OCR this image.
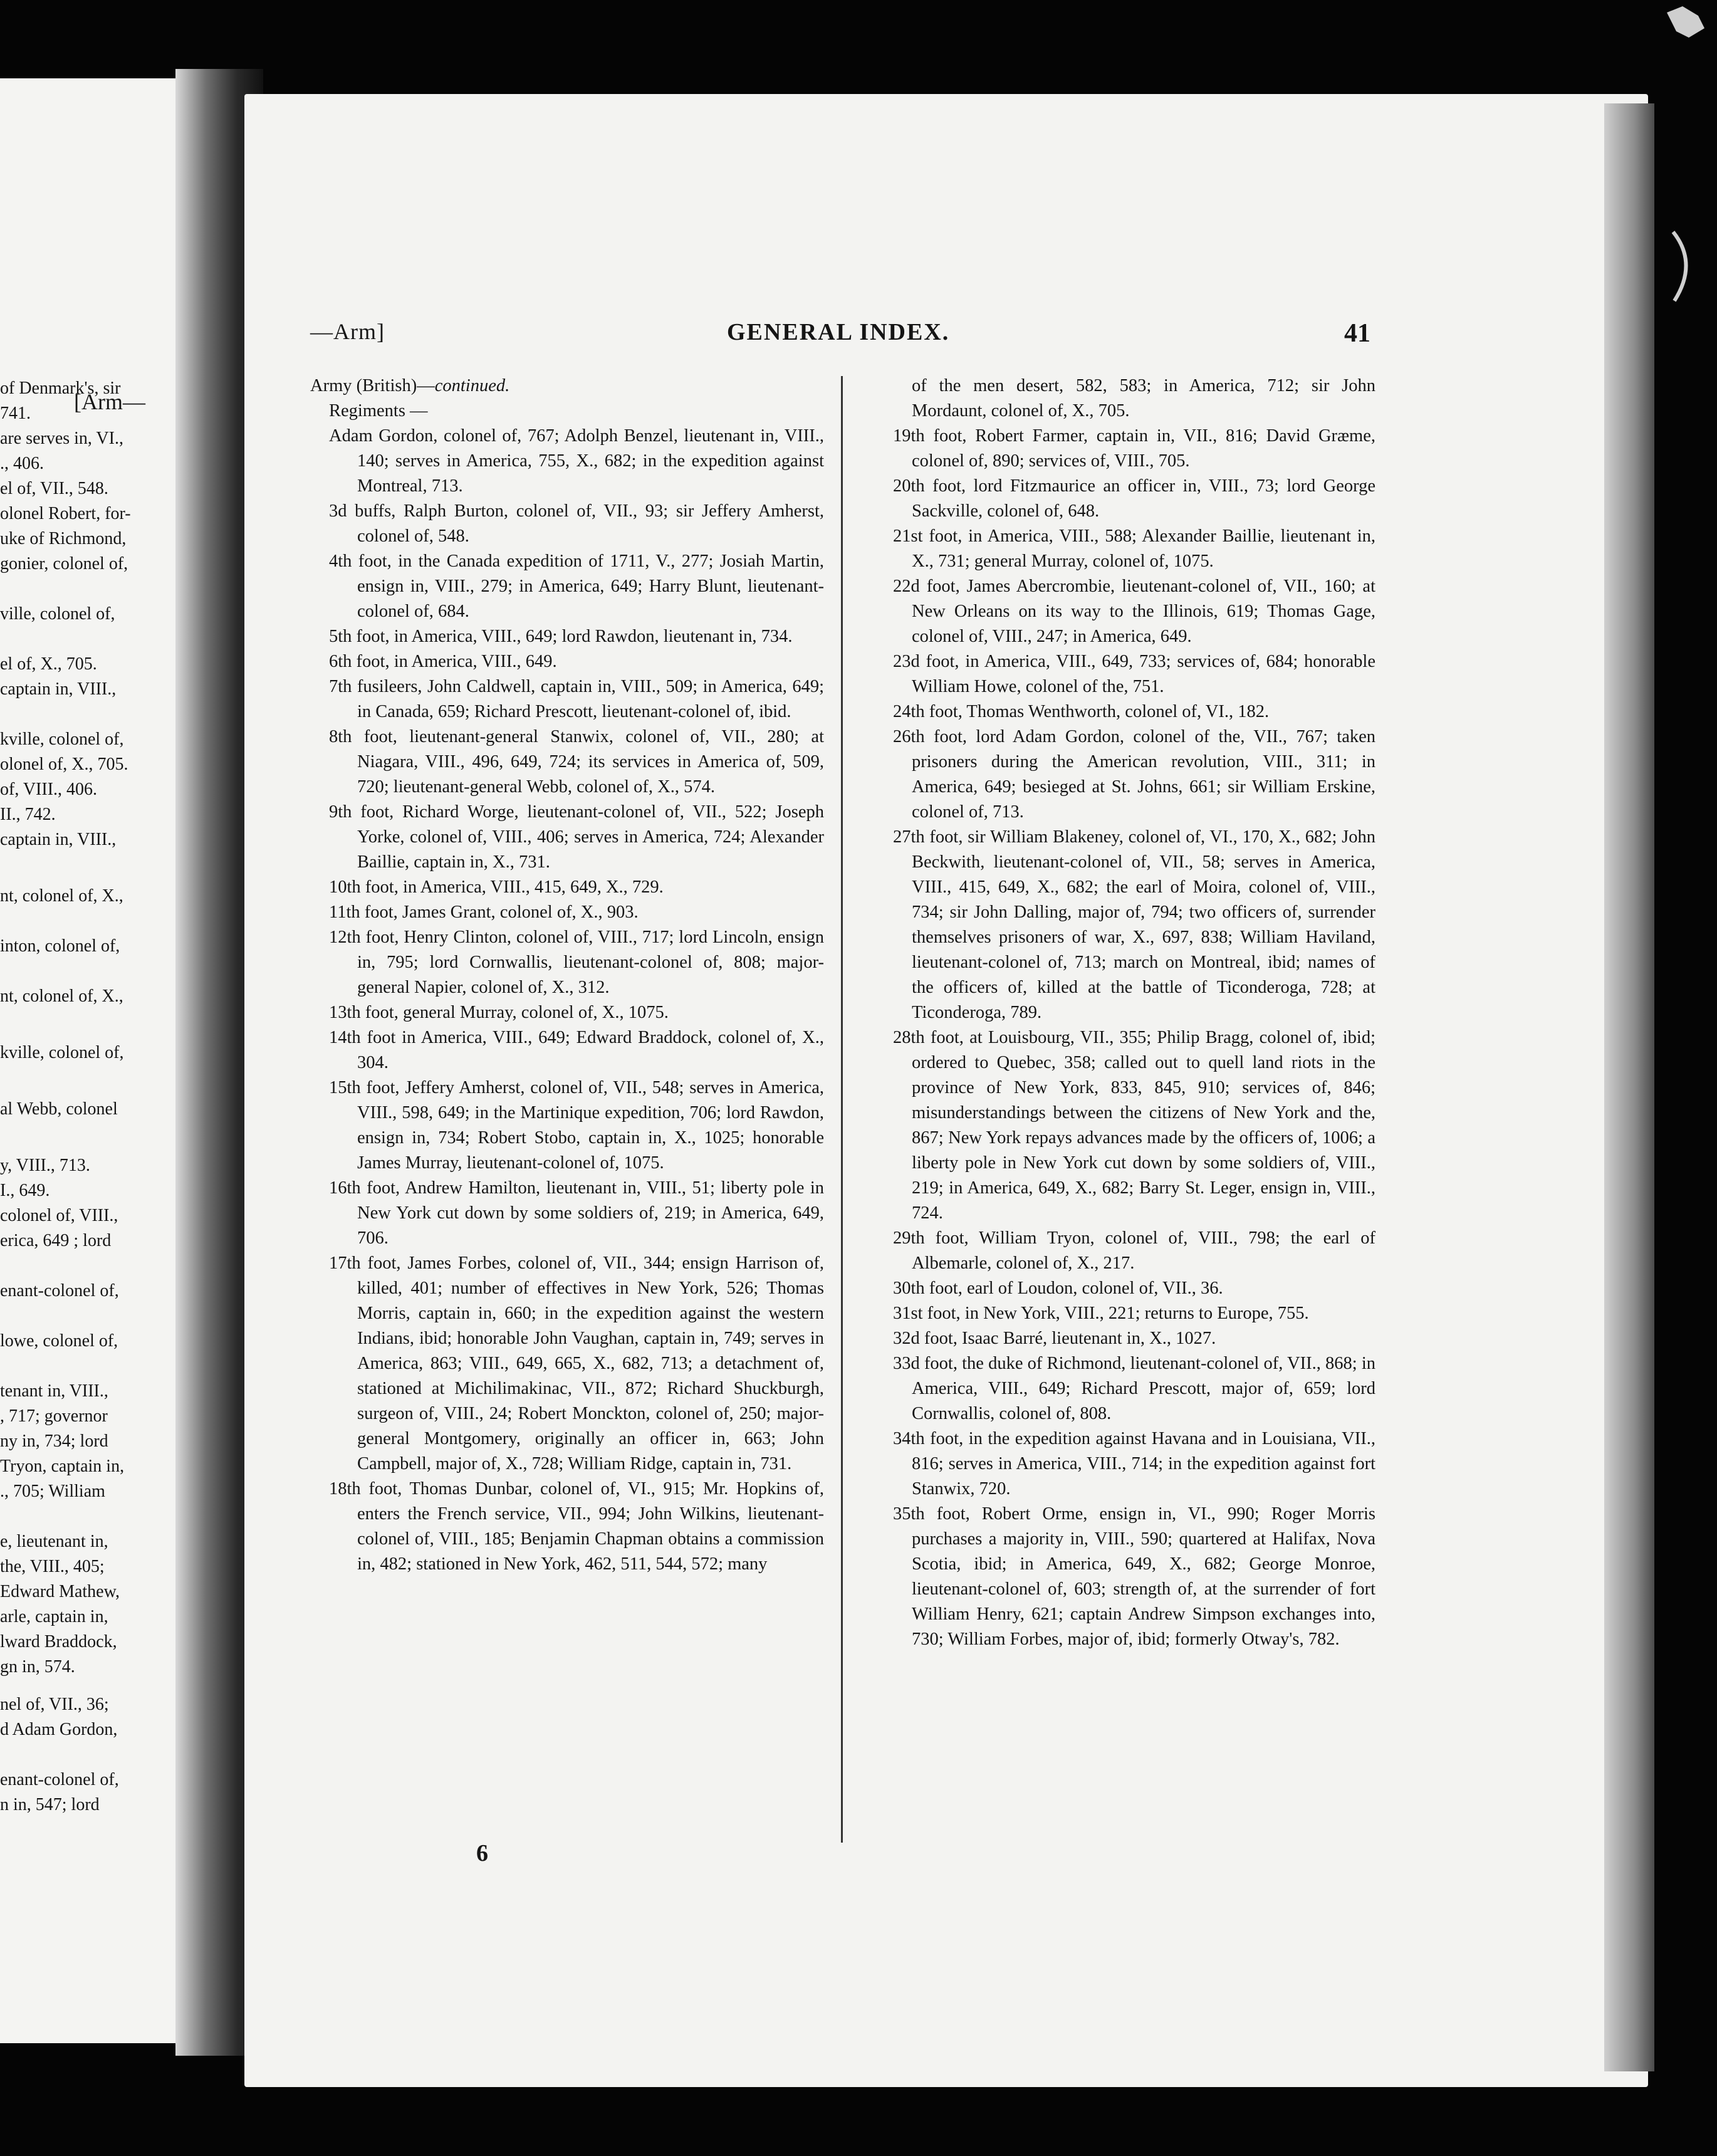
[Arm—
of Denmark's, sir
741.
are serves in, VI.,
., 406.
el of, VII., 548.
olonel Robert, for-
uke of Richmond,
gonier, colonel of,
ville, colonel of,
el of, X., 705.
captain in, VIII.,
kville, colonel of,
olonel of, X., 705.
of, VIII., 406.
II., 742.
captain in, VIII.,
nt, colonel of, X.,
inton, colonel of,
nt, colonel of, X.,
kville, colonel of,
al Webb, colonel
y, VIII., 713.
I., 649.
colonel of, VIII.,
erica, 649 ; lord
enant-colonel of,
lowe, colonel of,
tenant in, VIII.,
, 717; governor
ny in, 734; lord
Tryon, captain in,
., 705; William
e, lieutenant in,
the, VIII., 405;
Edward Mathew,
arle, captain in,
lward Braddock,
gn in, 574.
nel of, VII., 36;
d Adam Gordon,
enant-colonel of,
n in, 547; lord
—Arm]	GENERAL INDEX.	41
Army (British)—continued.
Regiments —
Adam Gordon, colonel of, 767; Adolph Benzel, lieutenant in, VIII., 140; serves in America, 755, X., 682; in the expedition against Montreal, 713.
3d buffs, Ralph Burton, colonel of, VII., 93; sir Jeffery Amherst, colonel of, 548.
4th foot, in the Canada expedition of 1711, V., 277; Josiah Martin, ensign in, VIII., 279; in America, 649; Harry Blunt, lieutenant-colonel of, 684.
5th foot, in America, VIII., 649; lord Rawdon, lieutenant in, 734.
6th foot, in America, VIII., 649.
7th fusileers, John Caldwell, captain in, VIII., 509; in America, 649; in Canada, 659; Richard Prescott, lieutenant-colonel of, ibid.
8th foot, lieutenant-general Stanwix, colonel of, VII., 280; at Niagara, VIII., 496, 649, 724; its services in America of, 509, 720; lieutenant-general Webb, colonel of, X., 574.
9th foot, Richard Worge, lieutenant-colonel of, VII., 522; Joseph Yorke, colonel of, VIII., 406; serves in America, 724; Alexander Baillie, captain in, X., 731.
10th foot, in America, VIII., 415, 649, X., 729.
11th foot, James Grant, colonel of, X., 903.
12th foot, Henry Clinton, colonel of, VIII., 717; lord Lincoln, ensign in, 795; lord Cornwallis, lieutenant-colonel of, 808; major-general Napier, colonel of, X., 312.
13th foot, general Murray, colonel of, X., 1075.
14th foot in America, VIII., 649; Edward Braddock, colonel of, X., 304.
15th foot, Jeffery Amherst, colonel of, VII., 548; serves in America, VIII., 598, 649; in the Martinique expedition, 706; lord Rawdon, ensign in, 734; Robert Stobo, captain in, X., 1025; honorable James Murray, lieutenant-colonel of, 1075.
16th foot, Andrew Hamilton, lieutenant in, VIII., 51; liberty pole in New York cut down by some soldiers of, 219; in America, 649, 706.
17th foot, James Forbes, colonel of, VII., 344; ensign Harrison of, killed, 401; number of effectives in New York, 526; Thomas Morris, captain in, 660; in the expedition against the western Indians, ibid; honorable John Vaughan, captain in, 749; serves in America, 863; VIII., 649, 665, X., 682, 713; a detachment of, stationed at Michilimakinac, VII., 872; Richard Shuckburgh, surgeon of, VIII., 24; Robert Monckton, colonel of, 250; major-general Montgomery, originally an officer in, 663; John Campbell, major of, X., 728; William Ridge, captain in, 731.
18th foot, Thomas Dunbar, colonel of, VI., 915; Mr. Hopkins of, enters the French service, VII., 994; John Wilkins, lieutenant-colonel of, VIII., 185; Benjamin Chapman obtains a commission in, 482; stationed in New York, 462, 511, 544, 572; many
of the men desert, 582, 583; in America, 712; sir John Mordaunt, colonel of, X., 705.
19th foot, Robert Farmer, captain in, VII., 816; David Græme, colonel of, 890; services of, VIII., 705.
20th foot, lord Fitzmaurice an officer in, VIII., 73; lord George Sackville, colonel of, 648.
21st foot, in America, VIII., 588; Alexander Baillie, lieutenant in, X., 731; general Murray, colonel of, 1075.
22d foot, James Abercrombie, lieutenant-colonel of, VII., 160; at New Orleans on its way to the Illinois, 619; Thomas Gage, colonel of, VIII., 247; in America, 649.
23d foot, in America, VIII., 649, 733; services of, 684; honorable William Howe, colonel of the, 751.
24th foot, Thomas Wenthworth, colonel of, VI., 182.
26th foot, lord Adam Gordon, colonel of the, VII., 767; taken prisoners during the American revolution, VIII., 311; in America, 649; besieged at St. Johns, 661; sir William Erskine, colonel of, 713.
27th foot, sir William Blakeney, colonel of, VI., 170, X., 682; John Beckwith, lieutenant-colonel of, VII., 58; serves in America, VIII., 415, 649, X., 682; the earl of Moira, colonel of, VIII., 734; sir John Dalling, major of, 794; two officers of, surrender themselves prisoners of war, X., 697, 838; William Haviland, lieutenant-colonel of, 713; march on Montreal, ibid; names of the officers of, killed at the battle of Ticonderoga, 728; at Ticonderoga, 789.
28th foot, at Louisbourg, VII., 355; Philip Bragg, colonel of, ibid; ordered to Quebec, 358; called out to quell land riots in the province of New York, 833, 845, 910; services of, 846; misunderstandings between the citizens of New York and the, 867; New York repays advances made by the officers of, 1006; a liberty pole in New York cut down by some soldiers of, VIII., 219; in America, 649, X., 682; Barry St. Leger, ensign in, VIII., 724.
29th foot, William Tryon, colonel of, VIII., 798; the earl of Albemarle, colonel of, X., 217.
30th foot, earl of Loudon, colonel of, VII., 36.
31st foot, in New York, VIII., 221; returns to Europe, 755.
32d foot, Isaac Barré, lieutenant in, X., 1027.
33d foot, the duke of Richmond, lieutenant-colonel of, VII., 868; in America, VIII., 649; Richard Prescott, major of, 659; lord Cornwallis, colonel of, 808.
34th foot, in the expedition against Havana and in Louisiana, VII., 816; serves in America, VIII., 714; in the expedition against fort Stanwix, 720.
35th foot, Robert Orme, ensign in, VI., 990; Roger Morris purchases a majority in, VIII., 590; quartered at Halifax, Nova Scotia, ibid; in America, 649, X., 682; George Monroe, lieutenant-colonel of, 603; strength of, at the surrender of fort William Henry, 621; captain Andrew Simpson exchanges into, 730; William Forbes, major of, ibid; formerly Otway's, 782.
6
